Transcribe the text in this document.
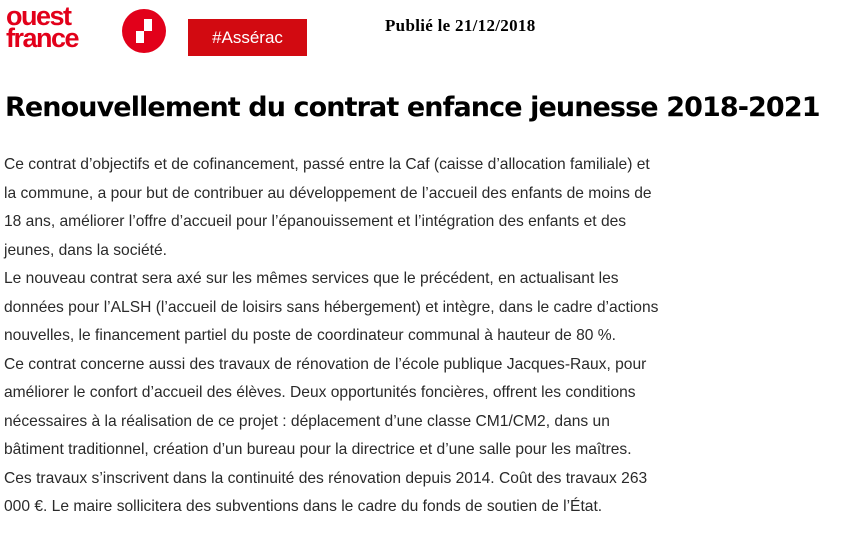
ouest
france	#Assérac
Publié le 21/12/2018
Renouvellement du contrat enfance jeunesse 2018-2021
Ce contrat d’objectifs et de cofinancement, passé entre la Caf (caisse d’allocation familiale) et
la commune, a pour but de contribuer au développement de l’accueil des enfants de moins de
18 ans, améliorer l’offre d’accueil pour l’épanouissement et l’intégration des enfants et des
jeunes, dans la société.
Le nouveau contrat sera axé sur les mêmes services que le précédent, en actualisant les
données pour l’ALSH (l’accueil de loisirs sans hébergement) et intègre, dans le cadre d’actions
nouvelles, le financement partiel du poste de coordinateur communal à hauteur de 80 %.
Ce contrat concerne aussi des travaux de rénovation de l’école publique Jacques-Raux, pour
améliorer le confort d’accueil des élèves. Deux opportunités foncières, offrent les conditions
nécessaires à la réalisation de ce projet : déplacement d’une classe CM1/CM2, dans un
bâtiment traditionnel, création d’un bureau pour la directrice et d’une salle pour les maîtres.
Ces travaux s’inscrivent dans la continuité des rénovation depuis 2014. Coût des travaux 263
000 €. Le maire sollicitera des subventions dans le cadre du fonds de soutien de l’État.
